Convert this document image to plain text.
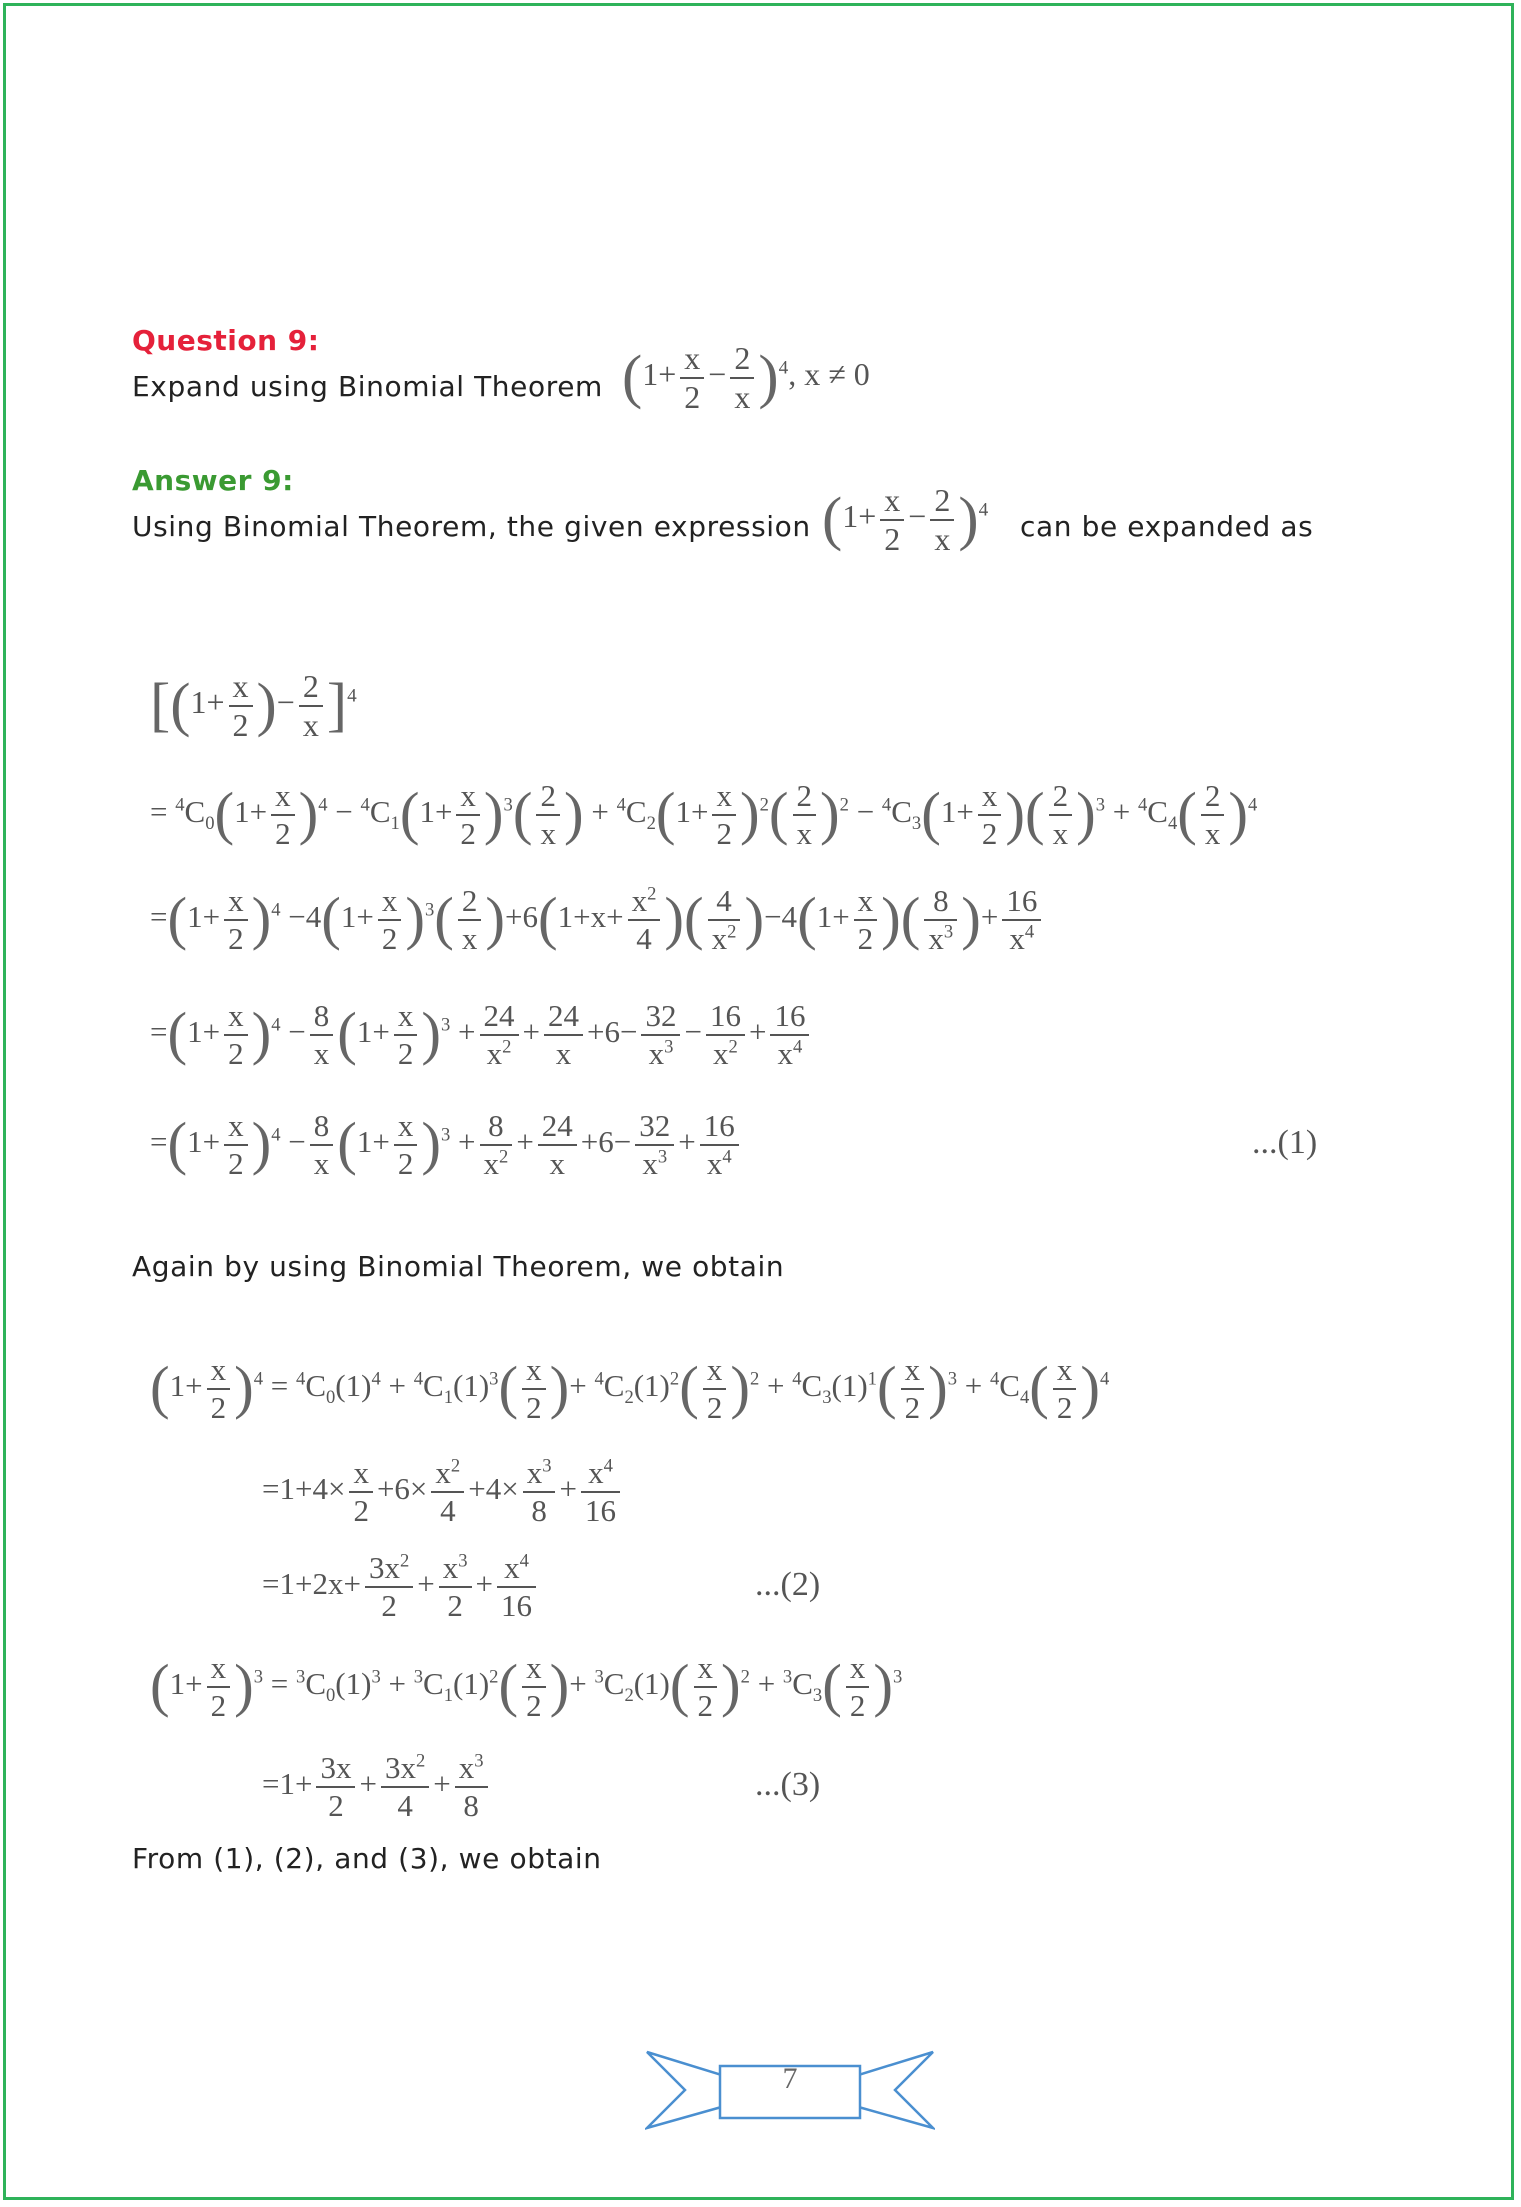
Question 9:
Expand using Binomial Theorem $(1+ \frac{x}{2} - \frac{2}{x} )^4$, x ≠ 0
Answer 9:
Using Binomial Theorem, the given expression $(1+ \frac{x}{2} - \frac{2}{x} )^4$
can be expanded as
[($1+ \frac{x}{2}$ )− $\frac{2}{x} ]^4$
= $^4C_0(1+ \frac{x}{2} )^4 - ^4C_1(1+ \frac{x}{2} )^3( \frac{2}{x}$ ) + $^4C_2(1+ \frac{x}{2} )^2( \frac{2}{x} )^2 - ^4C_3(1+ \frac{x}{2}$ )( $\frac{2}{x} )^3 + ^4C_4( \frac{2}{x} )^4$
$=(1+ \frac{x}{2} )^4 -4(1+ \frac{x}{2} )^3( \frac{2}{x} )+6(1+x+ \frac{x^2}{4}$ )( $\frac{4}{x^2} )-4(1+ \frac{x}{2}$ )( $\frac{8}{x^3}$ )+ $\frac{16}{x^4}$
$=(1+ \frac{x}{2} )^4 - \frac{8}{x} (1+ \frac{x}{2} )^3 + \frac{24}{x^2} + \frac{24}{x} +6- \frac{32}{x^3} - \frac{16}{x^2} + \frac{16}{x^4}$
$=(1+ \frac{x}{2} )^4 - \frac{8}{x} (1+ \frac{x}{2} )^3 + \frac{8}{x^2} + \frac{24}{x} +6- \frac{32}{x^3} + \frac{16}{x^4}$	...(1)
Again by using Binomial Theorem, we obtain
$(1+ \frac{x}{2} )^4 = ^4C_0(1)^4 + ^4C_1(1)^3( \frac{x}{2}$ )+ $^4C_2(1)^2( \frac{x}{2} )^2 + ^4C_3(1)^1( \frac{x}{2} )^3 + ^4C_4( \frac{x}{2} )^4$
$=1+4\times \frac{x}{2} +6\times \frac{x^2}{4} +4\times \frac{x^3}{8} + \frac{x^4}{16}$
$=1+2x+ \frac{3x^2}{2} + \frac{x^3}{2} + \frac{x^4}{16}$	...(2)
$(1+ \frac{x}{2} )^3 = ^3C_0(1)^3 + ^3C_1(1)^2( \frac{x}{2}$ )+ $^3C_2(1)( \frac{x}{2} )^2 + ^3C_3( \frac{x}{2} )^3$
$=1+ \frac{3x}{2} + \frac{3x^2}{4} + \frac{x^3}{8}$	...(3)
From (1), (2), and (3), we obtain
7
